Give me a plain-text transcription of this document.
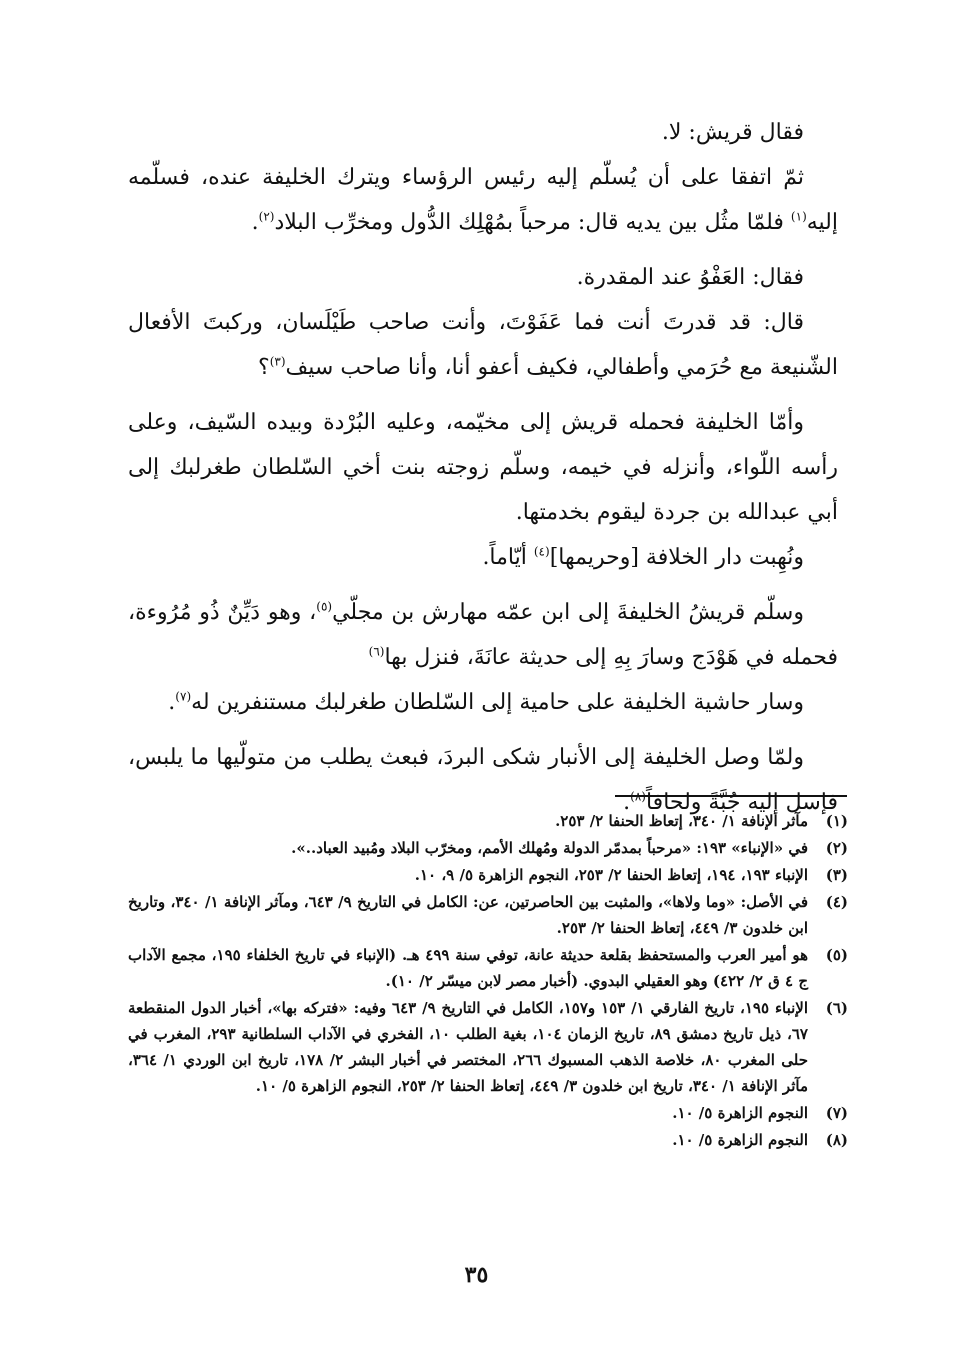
فقال قريش: لا.

ثمّ اتفقا على أن يُسلّم إليه رئيس الرؤساء ويترك الخليفة عنده، فسلّمه إليه$^{(١)}$ فلمّا مثُل بين يديه قال: مرحباً بمُهْلِك الدُّول ومخرِّب البلاد$^{(٢)}$.

فقال: العَفْوُ عند المقدرة.

قال: قد قدرتَ أنت فما عَفَوْتَ، وأنت صاحب طَيْلَسان، وركبتَ الأفعال الشّنيعة مع حُرَمي وأطفالي، فكيف أعفو أنا، وأنا صاحب سيف$^{(٣)}$؟

وأمّا الخليفة فحمله قريش إلى مخيّمه، وعليه البُرْدة وبيده السّيف، وعلى رأسه اللّواء، وأنزله في خيمه، وسلّم زوجته بنت أخي السّلطان طغرلبك إلى أبي عبدالله بن جردة ليقوم بخدمتها.

ونُهِبت دار الخلافة [وحريمها]$^{(٤)}$ أيّاماً.

وسلّم قريشُ الخليفةَ إلى ابن عمّه مهارش بن مجلّي$^{(٥)}$، وهو دَيِّنٌ ذُو مُرُوءة، فحمله في هَوْدَج وسارَ بِهِ إلى حديثة عانَةَ، فنزل بها$^{(٦)}$

وسار حاشية الخليفة على حامية إلى السّلطان طغرلبك مستنفرين له$^{(٧)}$.

ولمّا وصل الخليفة إلى الأنبار شكى البردَ، فبعث يطلب من متولّيها ما يلبس، فإسل إليه جُبَّةً ولحافاً$^{(٨)}$.

(١)
مآثر الإنافة ١/ ٣٤٠، إتعاظ الحنفا ٢/ ٢٥٣.
(٢)
في «الإنباء» ١٩٣: «مرحباً بمدمّر الدولة ومُهلك الأمم، ومخرّب البلاد ومُبيد العباد..».
(٣)
الإنباء ١٩٣، ١٩٤، إتعاظ الحنفا ٢/ ٢٥٣، النجوم الزاهرة ٥/ ٩، ١٠.
(٤)
في الأصل: «وما ولاها»، والمثبت بين الحاصرتين، عن: الكامل في التاريخ ٩/ ٦٤٣، ومآثر الإنافة ١/ ٣٤٠، وتاريخ ابن خلدون ٣/ ٤٤٩، إتعاظ الحنفا ٢/ ٢٥٣.
(٥)
هو أمير العرب والمستحفظ بقلعة حديثة عانة، توفي سنة ٤٩٩ هـ. (الإنباء في تاريخ الخلفاء ١٩٥، مجمع الآداب ج ٤ ق ٢/ ٤٢٢) وهو العقيلي البدوي. (أخبار مصر لابن ميسّر ٢/ ١٠).
(٦)
الإنباء ١٩٥، تاريخ الفارقي ١/ ١٥٣ و١٥٧، الكامل في التاريخ ٩/ ٦٤٣ وفيه: «فتركه بها»، أخبار الدول المنقطعة ٦٧، ذيل تاريخ دمشق ٨٩، تاريخ الزمان ١٠٤، بغية الطلب ١٠، الفخري في الآداب السلطانية ٢٩٣، المغرب في حلى المغرب ٨٠، خلاصة الذهب المسبوك ٢٦٦، المختصر في أخبار البشر ٢/ ١٧٨، تاريخ ابن الوردي ١/ ٣٦٤، مآثر الإنافة ١/ ٣٤٠، تاريخ ابن خلدون ٣/ ٤٤٩، إتعاظ الحنفا ٢/ ٢٥٣، النجوم الزاهرة ٥/ ١٠.
(٧)
النجوم الزاهرة ٥/ ١٠.
(٨)
النجوم الزاهرة ٥/ ١٠.
٣٥
